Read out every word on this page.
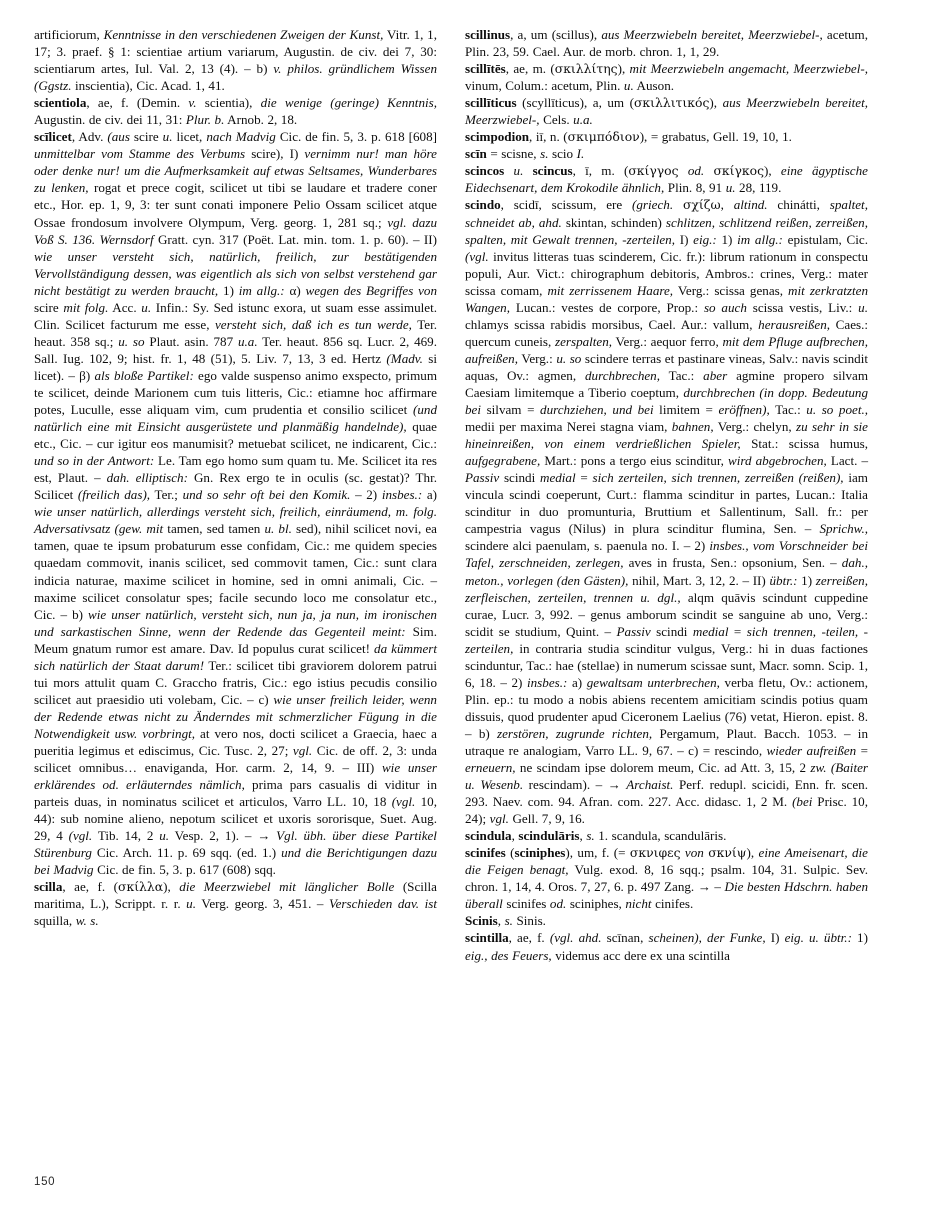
artificiorum, Kenntnisse in den verschiedenen Zweigen der Kunst, Vitr. 1, 1, 17; 3. praef. § 1: scientiae artium variarum, Augustin. de civ. dei 7, 30: scientiarum artes, Iul. Val. 2, 13 (4). – b) v. philos. gründlichem Wissen (Ggstz. inscientia), Cic. Acad. 1, 41.

scientiola, ae, f. (Demin. v. scientia), die wenige (geringe) Kenntnis, Augustin. de civ. dei 11, 31: Plur. b. Arnob. 2, 18.

scīlicet, Adv. (aus scire u. licet, nach Madvig Cic. de fin. 5, 3. p. 618 [608] unmittelbar vom Stamme des Verbums scire), I) vernimm nur! man höre oder denke nur! um die Aufmerksamkeit auf etwas Seltsames, Wunderbares zu lenken, rogat et prece cogit, scilicet ut tibi se laudare et tradere coner etc., Hor. ep. 1, 9, 3: ter sunt conati imponere Pelio Ossam scilicet atque Ossae frondosum involvere Olympum, Verg. georg. 1, 281 sq.; vgl. dazu Voß S. 136. Wernsdorf Gratt. cyn. 317 (Poët. Lat. min. tom. 1. p. 60). – II) wie unser versteht sich, natürlich, freilich, zur bestätigenden Vervollständigung dessen, was eigentlich als sich von selbst verstehend gar nicht bestätigt zu werden braucht, 1) im allg.: α) wegen des Begriffes von scire mit folg. Acc. u. Infin.: Sy. Sed istunc exora, ut suam esse assimulet. Clin. Scilicet facturum me esse, versteht sich, daß ich es tun werde, Ter. heaut. 358 sq.; u. so Plaut. asin. 787 u.a. Ter. heaut. 856 sq. Lucr. 2, 469. Sall. Iug. 102, 9; hist. fr. 1, 48 (51), 5. Liv. 7, 13, 3 ed. Hertz (Madv. si licet). – β) als bloße Partikel: ego valde suspenso animo exspecto, primum te scilicet, deinde Marionem cum tuis litteris, Cic.: etiamne hoc affirmare potes, Luculle, esse aliquam vim, cum prudentia et consilio scilicet (und natürlich eine mit Einsicht ausgerüstete und planmäßig handelnde), quae etc., Cic. – cur igitur eos manumisit? metuebat scilicet, ne indicarent, Cic.: und so in der Antwort: Le. Tam ego homo sum quam tu. Me. Scilicet ita res est, Plaut. – dah. elliptisch: Gn. Rex ergo te in oculis (sc. gestat)? Thr. Scilicet (freilich das), Ter.; und so sehr oft bei den Komik. – 2) insbes.: a) wie unser natürlich, allerdings versteht sich, freilich, einräumend, m. folg. Adversativsatz (gew. mit tamen, sed tamen u. bl. sed), nihil scilicet novi, ea tamen, quae te ipsum probaturum esse confidam, Cic.: me quidem species quaedam commovit, inanis scilicet, sed commovit tamen, Cic.: sunt clara indicia naturae, maxime scilicet in homine, sed in omni animali, Cic. – maxime scilicet consolatur spes; facile secundo loco me consolatur etc., Cic. – b) wie unser natürlich, versteht sich, nun ja, ja nun, im ironischen und sarkastischen Sinne, wenn der Redende das Gegenteil meint: Sim. Meum gnatum rumor est amare. Dav. Id populus curat scilicet! da kümmert sich natürlich der Staat darum! Ter.: scilicet tibi graviorem dolorem patrui tui mors attulit quam C. Graccho fratris, Cic.: ego istius pecudis consilio scilicet aut praesidio uti volebam, Cic. – c) wie unser freilich leider, wenn der Redende etwas nicht zu Änderndes mit schmerzlicher Fügung in die Notwendigkeit usw. vorbringt, at vero nos, docti scilicet a Graecia, haec a pueritia legimus et ediscimus, Cic. Tusc. 2, 27; vgl. Cic. de off. 2, 3: unda scilicet omnibus… enaviganda, Hor. carm. 2, 14, 9. – III) wie unser erklärendes od. erläuterndes nämlich, prima pars casualis di viditur in parteis duas, in nominatus scilicet et articulos, Varro LL. 10, 18 (vgl. 10, 44): sub nomine alieno, nepotum scilicet et uxoris sororisque, Suet. Aug. 29, 4 (vgl. Tib. 14, 2 u. Vesp. 2, 1). – → Vgl. übh. über diese Partikel Stürenburg Cic. Arch. 11. p. 69 sqq. (ed. 1.) und die Berichtigungen dazu bei Madvig Cic. de fin. 5, 3. p. 617 (608) sqq.

scilla, ae, f. (σκίλλα), die Meerzwiebel mit länglicher Bolle (Scilla maritima, L.), Scrippt. r. r. u. Verg. georg. 3, 451. – Verschieden dav. ist squilla, w. s.

scillinus, a, um (scillus), aus Meerzwiebeln bereitet, Meerzwiebel-, acetum, Plin. 23, 59. Cael. Aur. de morb. chron. 1, 1, 29.

scillītēs, ae, m. (σκιλλίτης), mit Meerzwiebeln angemacht, Meerzwiebel-, vinum, Colum.: acetum, Plin. u. Auson.

scillīticus (scyllīticus), a, um (σκιλλιτικός), aus Meerzwiebeln bereitet, Meerzwiebel-, Cels. u.a.

scimpodion, iī, n. (σκιμπόδιον), = grabatus, Gell. 19, 10, 1.

scīn = scisne, s. scio I.

scincos u. scincus, ī, m. (σκίγγος od. σκίγκος), eine ägyptische Eidechsenart, dem Krokodile ähnlich, Plin. 8, 91 u. 28, 119.

scindo, scidī, scissum, ere (griech. σχίζω, altind. chinátti, spaltet, schneidet ab, ahd. skintan, schinden) schlitzen, schlitzend reißen, zerreißen, spalten, mit Gewalt trennen, -zerteilen, I) eig.: 1) im allg.: epistulam, Cic. (vgl. invitus litteras tuas scinderem, Cic. fr.): librum rationum in conspectu populi, Aur. Vict.: chirographum debitoris, Ambros.: crines, Verg.: mater scissa comam, mit zerrissenem Haare, Verg.: scissa genas, mit zerkratzten Wangen, Lucan.: vestes de corpore, Prop.: so auch scissa vestis, Liv.: u. chlamys scissa rabidis morsibus, Cael. Aur.: vallum, herausreißen, Caes.: quercum cuneis, zerspalten, Verg.: aequor ferro, mit dem Pfluge aufbrechen, aufreißen, Verg.: u. so scindere terras et pastinare vineas, Salv.: navis scindit aquas, Ov.: agmen, durchbrechen, Tac.: aber agmine propero silvam Caesiam limitemque a Tiberio coeptum, durchbrechen (in dopp. Bedeutung bei silvam = durchziehen, und bei limitem = eröffnen), Tac.: u. so poet., medii per maxima Nerei stagna viam, bahnen, Verg.: chelyn, zu sehr in sie hineinreißen, von einem verdrießlichen Spieler, Stat.: scissa humus, aufgegrabene, Mart.: pons a tergo eius scinditur, wird abgebrochen, Lact. – Passiv scindi medial = sich zerteilen, sich trennen, zerreißen (reißen), iam vincula scindi coeperunt, Curt.: flamma scinditur in partes, Lucan.: Italia scinditur in duo promunturia, Bruttium et Sallentinum, Sall. fr.: per campestria vagus (Nilus) in plura scinditur flumina, Sen. – Sprichw., scindere alci paenulam, s. paenula no. I. – 2) insbes., vom Vorschneider bei Tafel, zerschneiden, zerlegen, aves in frusta, Sen.: opsonium, Sen. – dah., meton., vorlegen (den Gästen), nihil, Mart. 3, 12, 2. – II) übtr.: 1) zerreißen, zerfleischen, zerteilen, trennen u. dgl., alqm quāvis scindunt cuppedine curae, Lucr. 3, 992. – genus amborum scindit se sanguine ab uno, Verg.: scidit se studium, Quint. – Passiv scindi medial = sich trennen, -teilen, -zerteilen, in contraria studia scinditur vulgus, Verg.: hi in duas factiones scinduntur, Tac.: hae (stellae) in numerum scissae sunt, Macr. somn. Scip. 1, 6, 18. – 2) insbes.: a) gewaltsam unterbrechen, verba fletu, Ov.: actionem, Plin. ep.: tu modo a nobis abiens recentem amicitiam scindis potius quam dissuis, quod prudenter apud Ciceronem Laelius (76) vetat, Hieron. epist. 8. – b) zerstören, zugrunde richten, Pergamum, Plaut. Bacch. 1053. – in utraque re analogiam, Varro LL. 9, 67. – c) = rescindo, wieder aufreißen = erneuern, ne scindam ipse dolorem meum, Cic. ad Att. 3, 15, 2 zw. (Baiter u. Wesenb. rescindam). – → Archaist. Perf. redupl. scicidi, Enn. fr. scen. 293. Naev. com. 94. Afran. com. 227. Acc. didasc. 1, 2 M. (bei Prisc. 10, 24); vgl. Gell. 7, 9, 16.

scindula, scindulāris, s. 1. scandula, scandulāris.

scinifes (sciniphes), um, f. (= σκνιφες von σκνίψ), eine Ameisenart, die die Feigen benagt, Vulg. exod. 8, 16 sqq.; psalm. 104, 31. Sulpic. Sev. chron. 1, 14, 4. Oros. 7, 27, 6. p. 497 Zang. → – Die besten Hdschrn. haben überall scinifes od. sciniphes, nicht cinifes.

Scinis, s. Sinis.

scintilla, ae, f. (vgl. ahd. scīnan, scheinen), der Funke, I) eig. u. übtr.: 1) eig., des Feuers, videmus acc dere ex una scintilla

150
